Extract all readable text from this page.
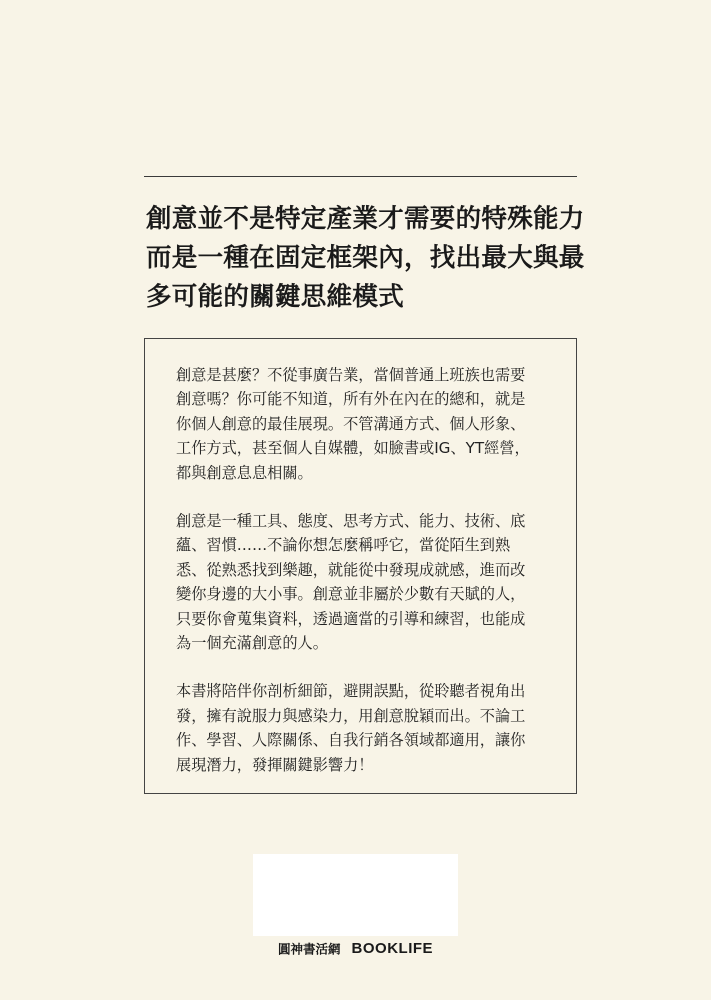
創意並不是特定產業才需要的特殊能力
而是一種在固定框架內，找出最大與最
多可能的關鍵思維模式

創意是甚麼？不從事廣告業，當個普通上班族也需要
創意嗎？你可能不知道，所有外在內在的總和，就是
你個人創意的最佳展現。不管溝通方式、個人形象、
工作方式，甚至個人自媒體，如臉書或IG、YT經營，
都與創意息息相關。

創意是一種工具、態度、思考方式、能力、技術、底
蘊、習慣……不論你想怎麼稱呼它，當從陌生到熟
悉、從熟悉找到樂趣，就能從中發現成就感，進而改
變你身邊的大小事。創意並非屬於少數有天賦的人，
只要你會蒐集資料，透過適當的引導和練習，也能成
為一個充滿創意的人。

本書將陪伴你剖析細節，避開誤點，從聆聽者視角出
發，擁有說服力與感染力，用創意脫穎而出。不論工
作、學習、人際關係、自我行銷各領域都適用，讓你
展現潛力，發揮關鍵影響力！

圓神書活網 BOOKLIFE
